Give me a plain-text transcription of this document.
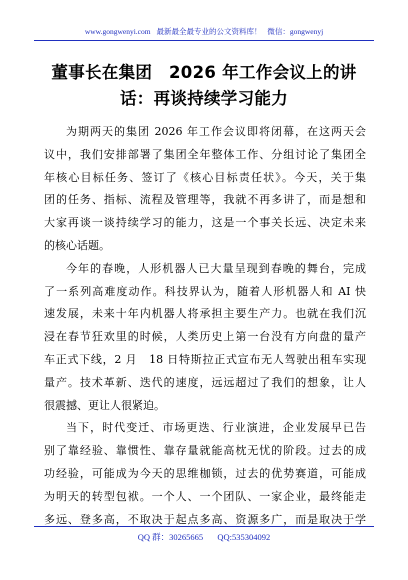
www.gongwenyi.com 最新最全最专业的公文资料库！ 微信：gongwenyj
董事长在集团　2026 年工作会议上的讲
话：再谈持续学习能力
为期两天的集团 2026 年工作会议即将闭幕，在这两天会
议中，我们安排部署了集团全年整体工作、分组讨论了集团全
年核心目标任务、签订了《核心目标责任状》。今天，关于集
团的任务、指标、流程及管理等，我就不再多讲了，而是想和
大家再谈一谈持续学习的能力，这是一个事关长远、决定未来
的核心话题。
今年的春晚，人形机器人已大量呈现到春晚的舞台，完成
了一系列高难度动作。科技界认为，随着人形机器人和 AI 快
速发展，未来十年内机器人将承担主要生产力。也就在我们沉
浸在春节狂欢里的时候，人类历史上第一台没有方向盘的量产
车正式下线，2 月　18 日特斯拉正式宣布无人驾驶出租车实现
量产。技术革新、迭代的速度，远远超过了我们的想象，让人
很震撼、更让人很紧迫。
当下，时代变迁、市场更迭、行业演进，企业发展早已告
别了靠经验、靠惯性、靠存量就能高枕无忧的阶段。过去的成
功经验，可能成为今天的思维枷锁，过去的优势赛道，可能成
为明天的转型包袱。一个人、一个团队、一家企业，最终能走
多远、登多高，不取决于起点多高、资源多广，而是取决于学
QQ 群：30265665 QQ:535304092
